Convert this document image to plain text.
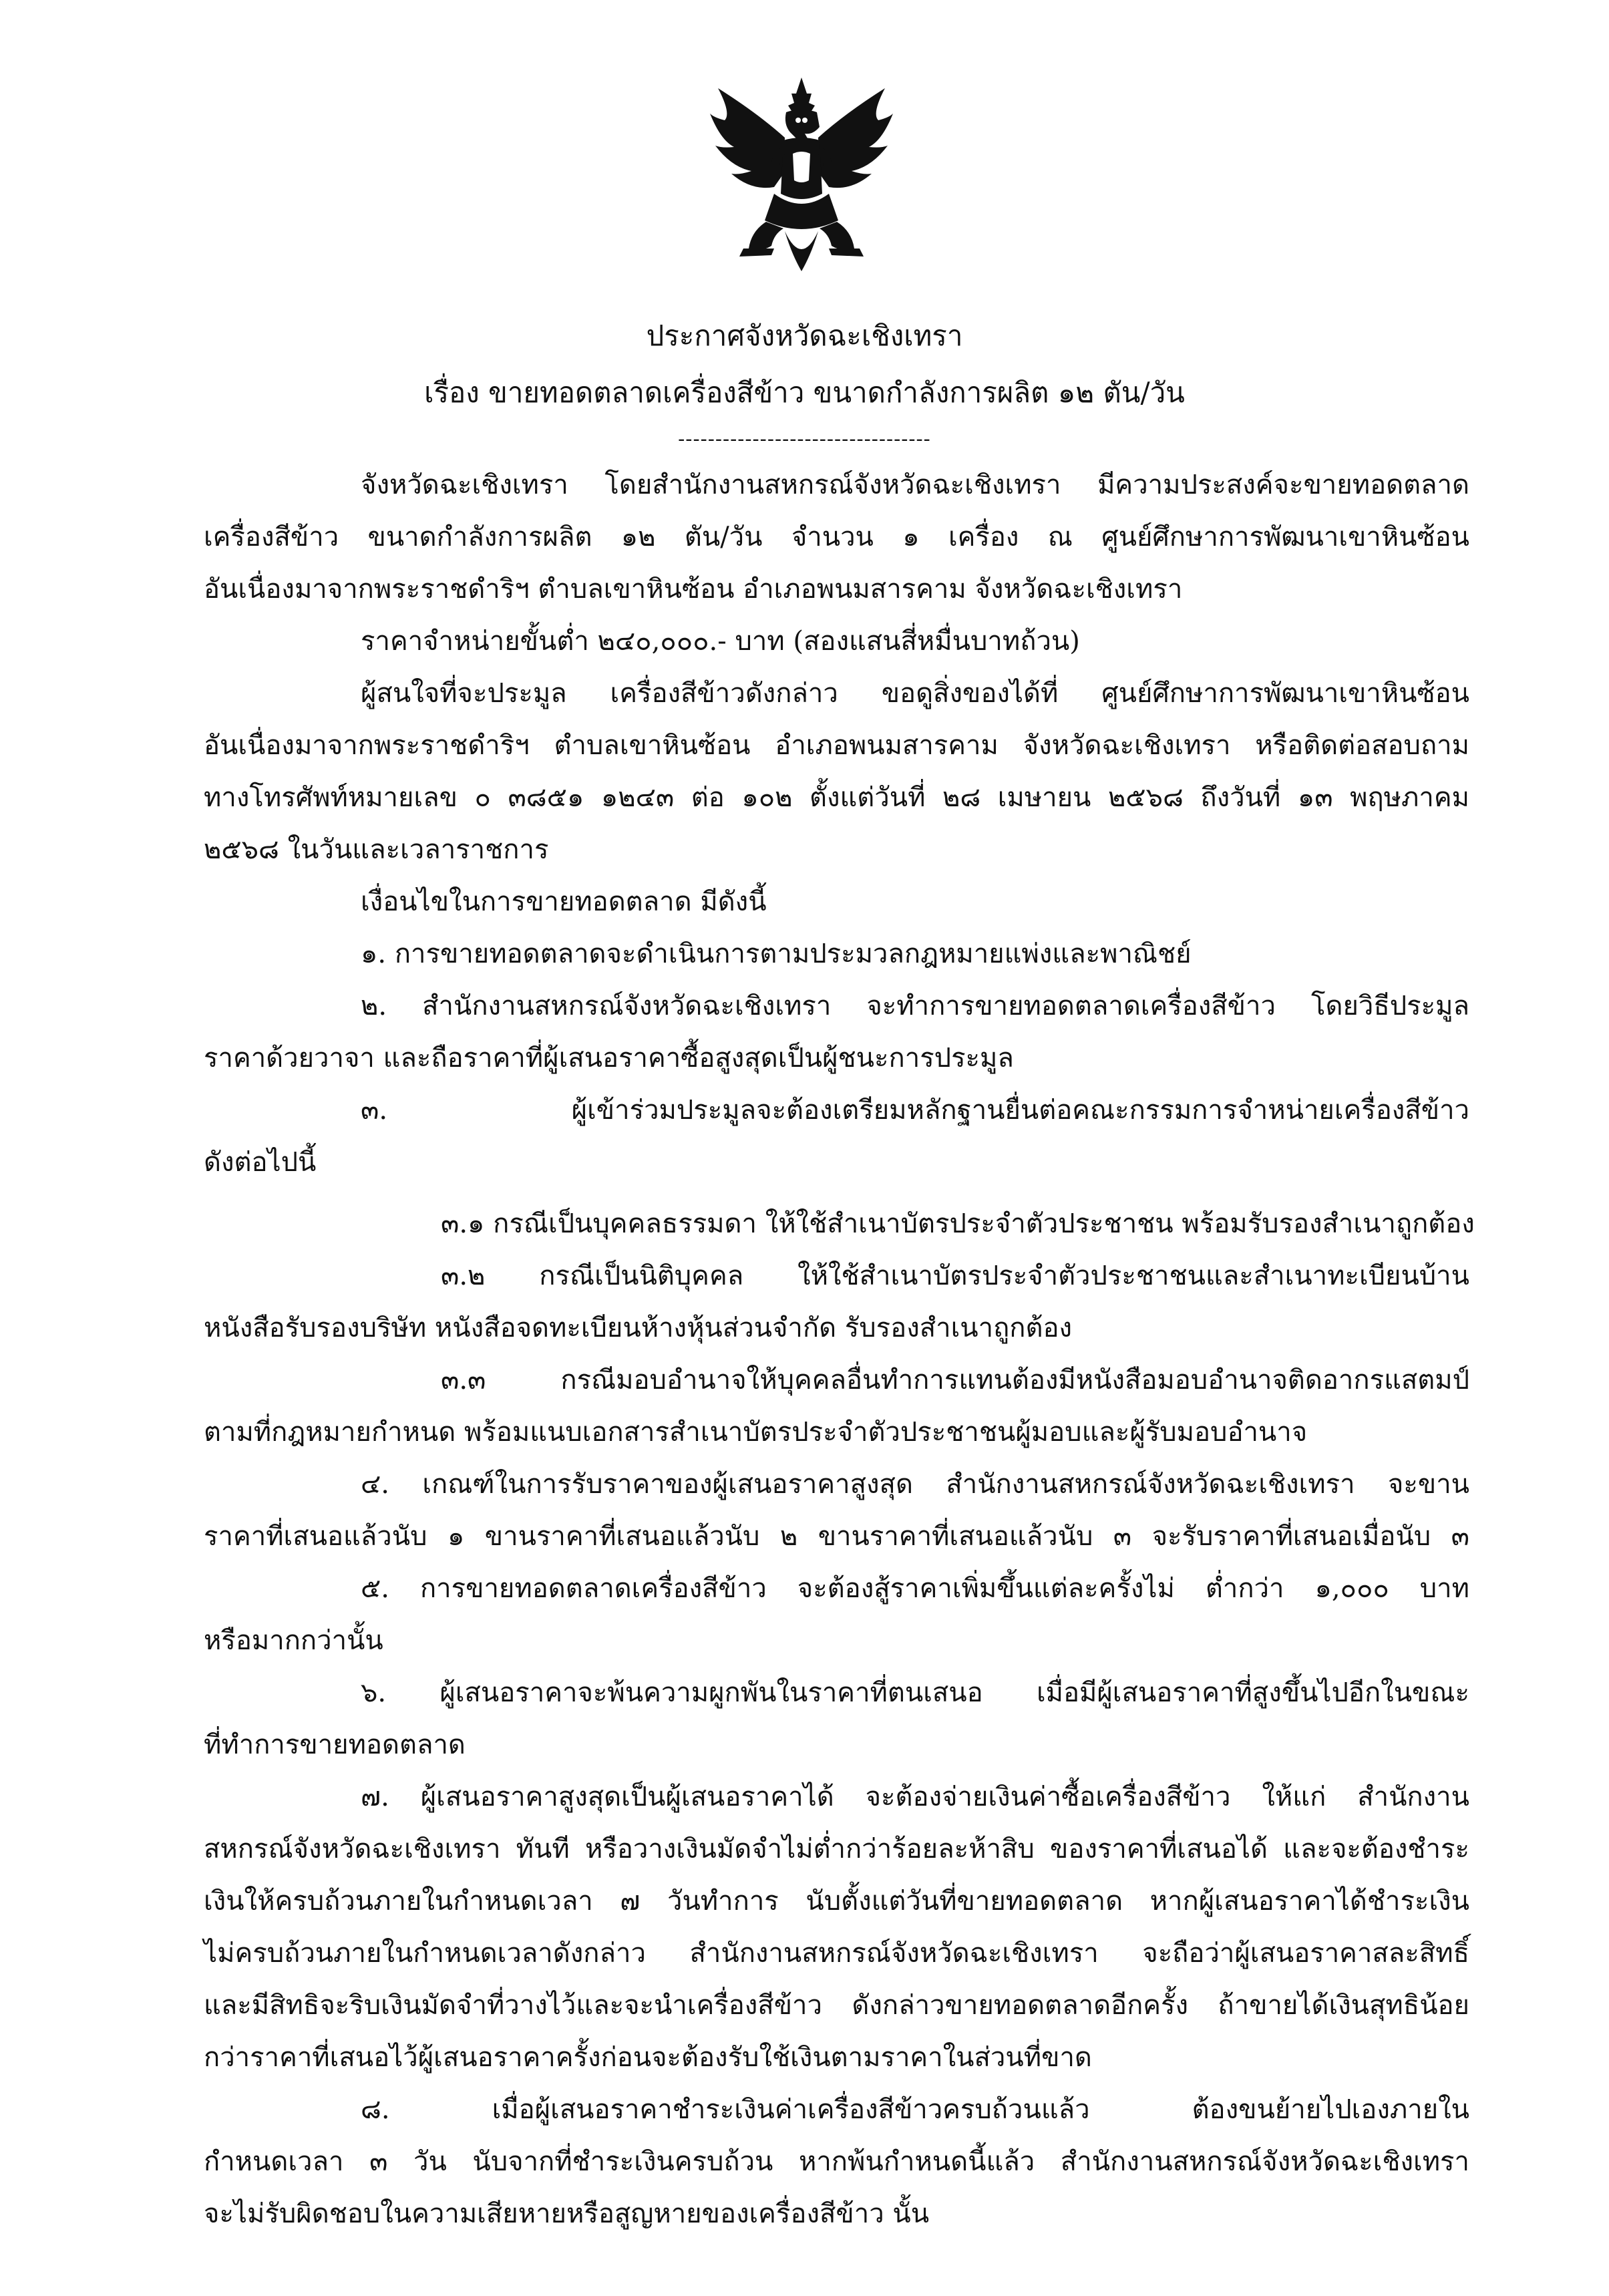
ประกาศจังหวัดฉะเชิงเทรา
เรื่อง ขายทอดตลาดเครื่องสีข้าว ขนาดกำลังการผลิต ๑๒ ตัน/วัน
----------------------------------
จังหวัดฉะเชิงเทรา โดยสำนักงานสหกรณ์จังหวัดฉะเชิงเทรา มีความประสงค์จะขายทอดตลาด
เครื่องสีข้าว ขนาดกำลังการผลิต ๑๒ ตัน/วัน จำนวน ๑ เครื่อง ณ ศูนย์ศึกษาการพัฒนาเขาหินซ้อน
อันเนื่องมาจากพระราชดำริฯ ตำบลเขาหินซ้อน อำเภอพนมสารคาม จังหวัดฉะเชิงเทรา
ราคาจำหน่ายขั้นต่ำ ๒๔๐,๐๐๐.- บาท (สองแสนสี่หมื่นบาทถ้วน)
ผู้สนใจที่จะประมูล เครื่องสีข้าวดังกล่าว ขอดูสิ่งของได้ที่ ศูนย์ศึกษาการพัฒนาเขาหินซ้อน
อันเนื่องมาจากพระราชดำริฯ ตำบลเขาหินซ้อน อำเภอพนมสารคาม จังหวัดฉะเชิงเทรา หรือติดต่อสอบถาม
ทางโทรศัพท์หมายเลข ๐ ๓๘๕๑ ๑๒๔๓ ต่อ ๑๐๒ ตั้งแต่วันที่ ๒๘ เมษายน ๒๕๖๘ ถึงวันที่ ๑๓ พฤษภาคม
๒๕๖๘ ในวันและเวลาราชการ
เงื่อนไขในการขายทอดตลาด มีดังนี้
๑. การขายทอดตลาดจะดำเนินการตามประมวลกฎหมายแพ่งและพาณิชย์
๒. สำนักงานสหกรณ์จังหวัดฉะเชิงเทรา จะทำการขายทอดตลาดเครื่องสีข้าว โดยวิธีประมูล
ราคาด้วยวาจา และถือราคาที่ผู้เสนอราคาซื้อสูงสุดเป็นผู้ชนะการประมูล
๓. ผู้เข้าร่วมประมูลจะต้องเตรียมหลักฐานยื่นต่อคณะกรรมการจำหน่ายเครื่องสีข้าว
ดังต่อไปนี้
๓.๑ กรณีเป็นบุคคลธรรมดา ให้ใช้สำเนาบัตรประจำตัวประชาชน พร้อมรับรองสำเนาถูกต้อง
๓.๒ กรณีเป็นนิติบุคคล ให้ใช้สำเนาบัตรประจำตัวประชาชนและสำเนาทะเบียนบ้าน
หนังสือรับรองบริษัท หนังสือจดทะเบียนห้างหุ้นส่วนจำกัด รับรองสำเนาถูกต้อง
๓.๓ กรณีมอบอำนาจให้บุคคลอื่นทำการแทนต้องมีหนังสือมอบอำนาจติดอากรแสตมป์
ตามที่กฎหมายกำหนด พร้อมแนบเอกสารสำเนาบัตรประจำตัวประชาชนผู้มอบและผู้รับมอบอำนาจ
๔. เกณฑ์ในการรับราคาของผู้เสนอราคาสูงสุด สำนักงานสหกรณ์จังหวัดฉะเชิงเทรา จะขาน
ราคาที่เสนอแล้วนับ ๑ ขานราคาที่เสนอแล้วนับ ๒ ขานราคาที่เสนอแล้วนับ ๓ จะรับราคาที่เสนอเมื่อนับ ๓
๕. การขายทอดตลาดเครื่องสีข้าว จะต้องสู้ราคาเพิ่มขึ้นแต่ละครั้งไม่ ต่ำกว่า ๑,๐๐๐ บาท
หรือมากกว่านั้น
๖. ผู้เสนอราคาจะพ้นความผูกพันในราคาที่ตนเสนอ เมื่อมีผู้เสนอราคาที่สูงขึ้นไปอีกในขณะ
ที่ทำการขายทอดตลาด
๗. ผู้เสนอราคาสูงสุดเป็นผู้เสนอราคาได้ จะต้องจ่ายเงินค่าซื้อเครื่องสีข้าว ให้แก่ สำนักงาน
สหกรณ์จังหวัดฉะเชิงเทรา ทันที หรือวางเงินมัดจำไม่ต่ำกว่าร้อยละห้าสิบ ของราคาที่เสนอได้ และจะต้องชำระ
เงินให้ครบถ้วนภายในกำหนดเวลา ๗ วันทำการ นับตั้งแต่วันที่ขายทอดตลาด หากผู้เสนอราคาได้ชำระเงิน
ไม่ครบถ้วนภายในกำหนดเวลาดังกล่าว สำนักงานสหกรณ์จังหวัดฉะเชิงเทรา จะถือว่าผู้เสนอราคาสละสิทธิ์
และมีสิทธิจะริบเงินมัดจำที่วางไว้และจะนำเครื่องสีข้าว ดังกล่าวขายทอดตลาดอีกครั้ง ถ้าขายได้เงินสุทธิน้อย
กว่าราคาที่เสนอไว้ผู้เสนอราคาครั้งก่อนจะต้องรับใช้เงินตามราคาในส่วนที่ขาด
๘. เมื่อผู้เสนอราคาชำระเงินค่าเครื่องสีข้าวครบถ้วนแล้ว ต้องขนย้ายไปเองภายใน
กำหนดเวลา ๓ วัน นับจากที่ชำระเงินครบถ้วน หากพ้นกำหนดนี้แล้ว สำนักงานสหกรณ์จังหวัดฉะเชิงเทรา
จะไม่รับผิดชอบในความเสียหายหรือสูญหายของเครื่องสีข้าว นั้น
